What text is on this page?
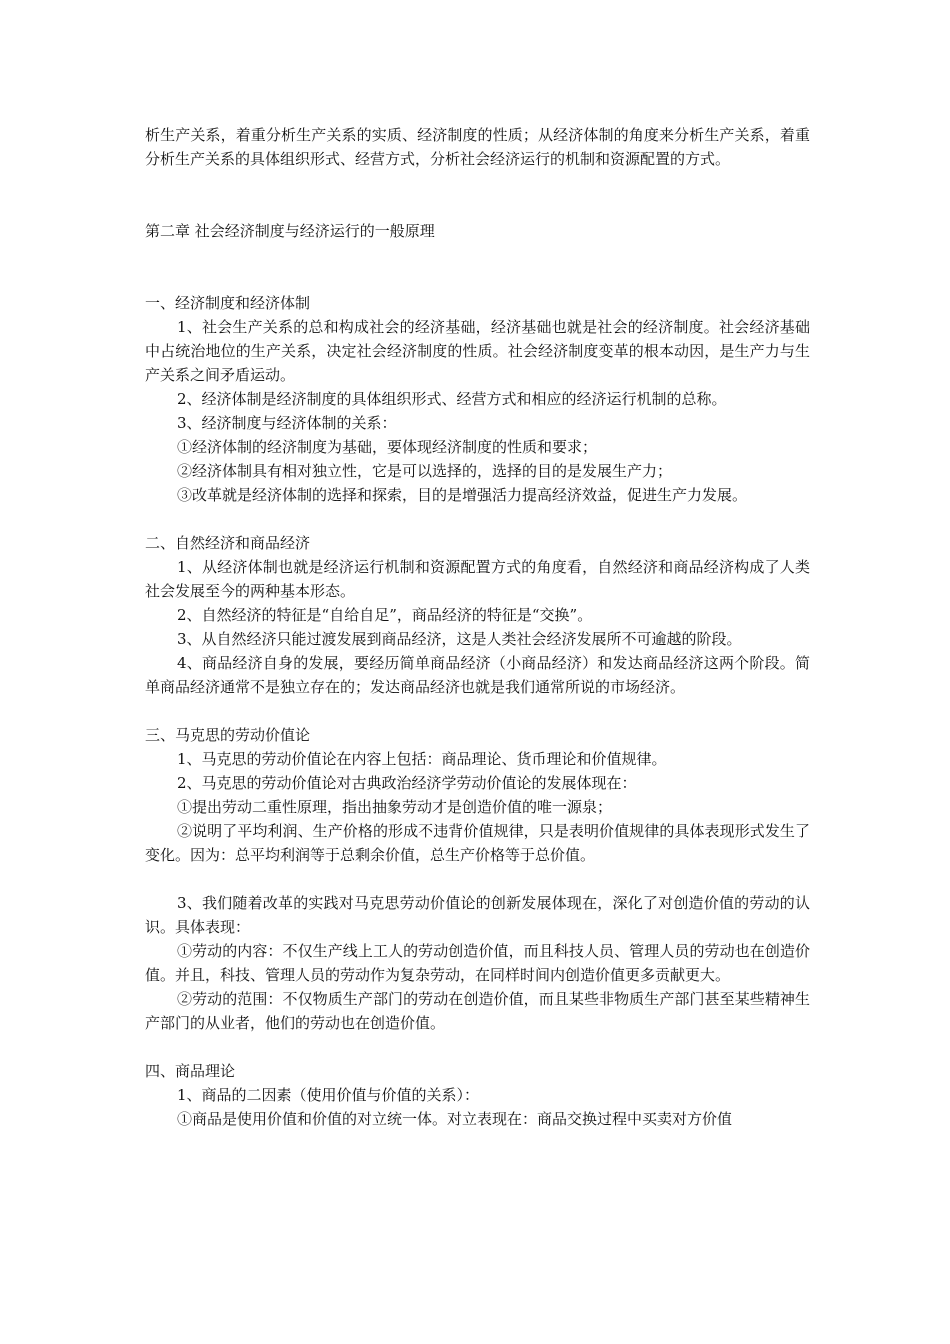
析生产关系，着重分析生产关系的实质、经济制度的性质；从经济体制的角度来分析生产关系，着重分析生产关系的具体组织形式、经营方式，分析社会经济运行的机制和资源配置的方式。

第二章 社会经济制度与经济运行的一般原理

一、经济制度和经济体制

1、社会生产关系的总和构成社会的经济基础，经济基础也就是社会的经济制度。社会经济基础中占统治地位的生产关系，决定社会经济制度的性质。社会经济制度变革的根本动因，是生产力与生产关系之间矛盾运动。

2、经济体制是经济制度的具体组织形式、经营方式和相应的经济运行机制的总称。

3、经济制度与经济体制的关系：

①经济体制的经济制度为基础，要体现经济制度的性质和要求；

②经济体制具有相对独立性，它是可以选择的，选择的目的是发展生产力；

③改革就是经济体制的选择和探索，目的是增强活力提高经济效益，促进生产力发展。

二、自然经济和商品经济

1、从经济体制也就是经济运行机制和资源配置方式的角度看，自然经济和商品经济构成了人类社会发展至今的两种基本形态。

2、自然经济的特征是“自给自足”，商品经济的特征是“交换”。

3、从自然经济只能过渡发展到商品经济，这是人类社会经济发展所不可逾越的阶段。

4、商品经济自身的发展，要经历简单商品经济（小商品经济）和发达商品经济这两个阶段。简单商品经济通常不是独立存在的；发达商品经济也就是我们通常所说的市场经济。

三、马克思的劳动价值论

1、马克思的劳动价值论在内容上包括：商品理论、货币理论和价值规律。

2、马克思的劳动价值论对古典政治经济学劳动价值论的发展体现在：

①提出劳动二重性原理，指出抽象劳动才是创造价值的唯一源泉；

②说明了平均利润、生产价格的形成不违背价值规律，只是表明价值规律的具体表现形式发生了变化。因为：总平均利润等于总剩余价值，总生产价格等于总价值。

3、我们随着改革的实践对马克思劳动价值论的创新发展体现在，深化了对创造价值的劳动的认识。具体表现：

①劳动的内容：不仅生产线上工人的劳动创造价值，而且科技人员、管理人员的劳动也在创造价值。并且，科技、管理人员的劳动作为复杂劳动，在同样时间内创造价值更多贡献更大。

②劳动的范围：不仅物质生产部门的劳动在创造价值，而且某些非物质生产部门甚至某些精神生产部门的从业者，他们的劳动也在创造价值。

四、商品理论

1、商品的二因素（使用价值与价值的关系）：

①商品是使用价值和价值的对立统一体。对立表现在：商品交换过程中买卖对方价值
